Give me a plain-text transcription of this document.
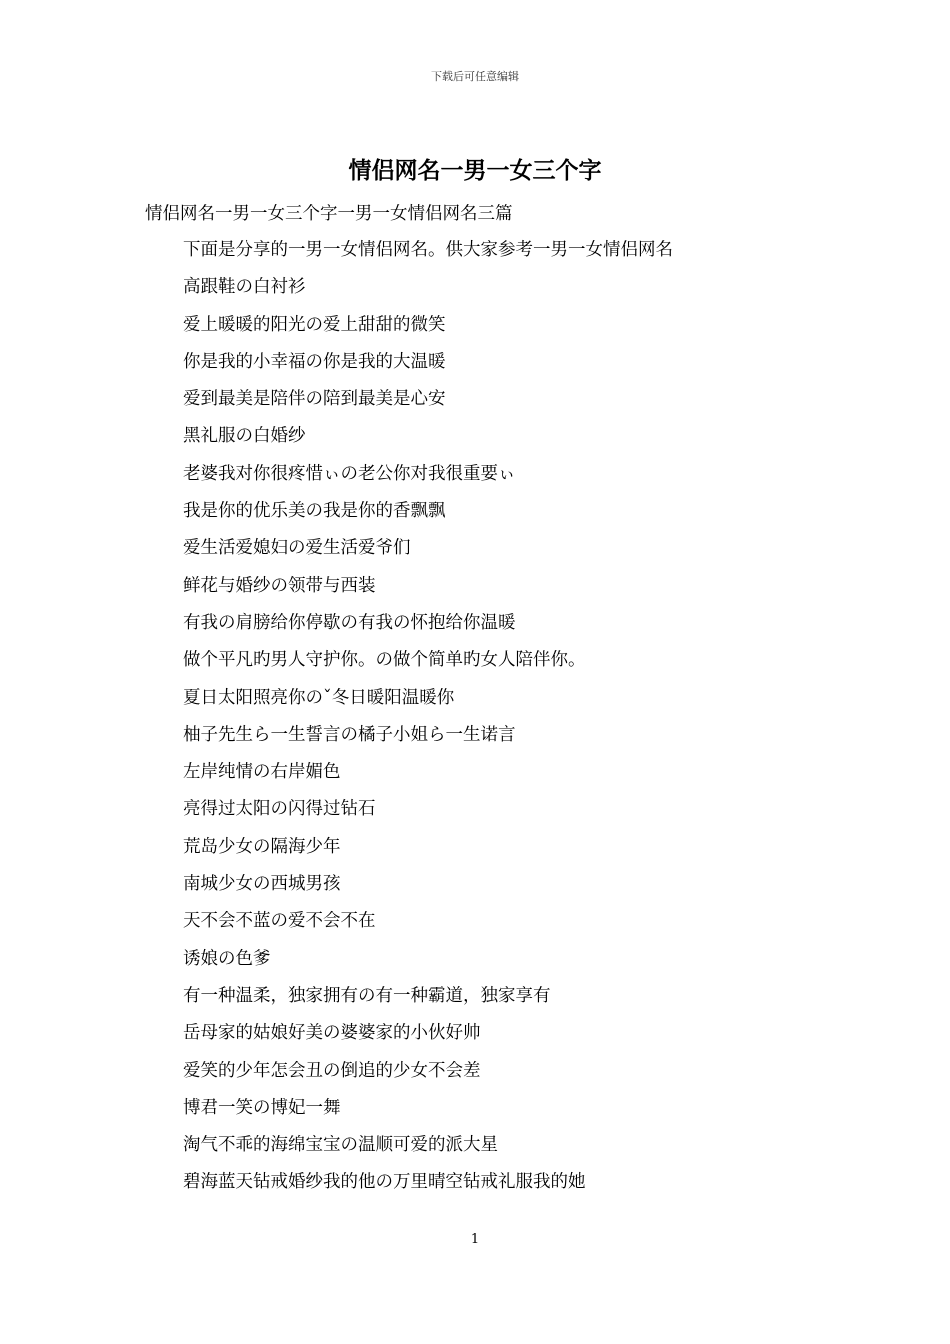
下载后可任意编辑
情侣网名一男一女三个字

情侣网名一男一女三个字一男一女情侣网名三篇

下面是分享的一男一女情侣网名。供大家参考一男一女情侣网名
高跟鞋の白衬衫
爱上暖暖的阳光の爱上甜甜的微笑
你是我的小幸福の你是我的大温暖
爱到最美是陪伴の陪到最美是心安
黑礼服の白婚纱
老婆我对你很疼惜ぃの老公你对我很重要ぃ
我是你的优乐美の我是你的香飘飘
爱生活爱媳妇の爱生活爱爷们
鲜花与婚纱の领带与西装
有我の肩膀给你停歇の有我の怀抱给你温暖
做个平凡旳男人守护你。の做个简单旳女人陪伴你。
夏日太阳照亮你のˇ冬日暖阳温暖你
柚子先生ら一生誓言の橘子小姐ら一生诺言
左岸纯情の右岸媚色
亮得过太阳の闪得过钻石
荒岛少女の隔海少年
南城少女の西城男孩
天不会不蓝の爱不会不在
诱娘の色爹
有一种温柔，独家拥有の有一种霸道，独家享有
岳母家的姑娘好美の婆婆家的小伙好帅
爱笑的少年怎会丑の倒追的少女不会差
博君一笑の博妃一舞
淘气不乖的海绵宝宝の温顺可爱的派大星
碧海蓝天钻戒婚纱我的他の万里晴空钻戒礼服我的她
1
